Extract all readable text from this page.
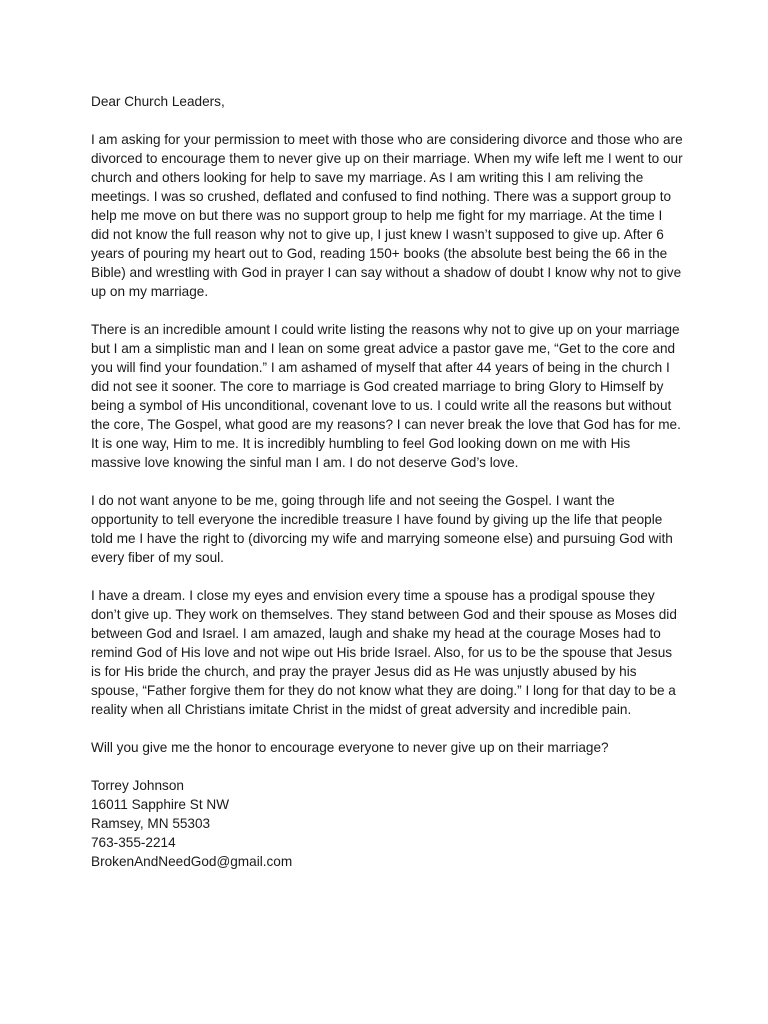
Dear Church Leaders,

I am asking for your permission to meet with those who are considering divorce and those who are divorced to encourage them to never give up on their marriage. When my wife left me I went to our church and others looking for help to save my marriage. As I am writing this I am reliving the meetings. I was so crushed, deflated and confused to find nothing. There was a support group to help me move on but there was no support group to help me fight for my marriage. At the time I did not know the full reason why not to give up, I just knew I wasn’t supposed to give up. After 6 years of pouring my heart out to God, reading 150+ books (the absolute best being the 66 in the Bible) and wrestling with God in prayer I can say without a shadow of doubt I know why not to give up on my marriage.

There is an incredible amount I could write listing the reasons why not to give up on your marriage but I am a simplistic man and I lean on some great advice a pastor gave me, “Get to the core and you will find your foundation.” I am ashamed of myself that after 44 years of being in the church I did not see it sooner. The core to marriage is God created marriage to bring Glory to Himself by being a symbol of His unconditional, covenant love to us. I could write all the reasons but without the core, The Gospel, what good are my reasons? I can never break the love that God has for me. It is one way, Him to me. It is incredibly humbling to feel God looking down on me with His massive love knowing the sinful man I am. I do not deserve God’s love.

I do not want anyone to be me, going through life and not seeing the Gospel. I want the opportunity to tell everyone the incredible treasure I have found by giving up the life that people told me I have the right to (divorcing my wife and marrying someone else) and pursuing God with every fiber of my soul.

I have a dream. I close my eyes and envision every time a spouse has a prodigal spouse they don’t give up. They work on themselves. They stand between God and their spouse as Moses did between God and Israel. I am amazed, laugh and shake my head at the courage Moses had to remind God of His love and not wipe out His bride Israel. Also, for us to be the spouse that Jesus is for His bride the church, and pray the prayer Jesus did as He was unjustly abused by his spouse, “Father forgive them for they do not know what they are doing.” I long for that day to be a reality when all Christians imitate Christ in the midst of great adversity and incredible pain.

Will you give me the honor to encourage everyone to never give up on their marriage?

Torrey Johnson

16011 Sapphire St NW

Ramsey, MN 55303

763-355-2214

BrokenAndNeedGod@gmail.com
